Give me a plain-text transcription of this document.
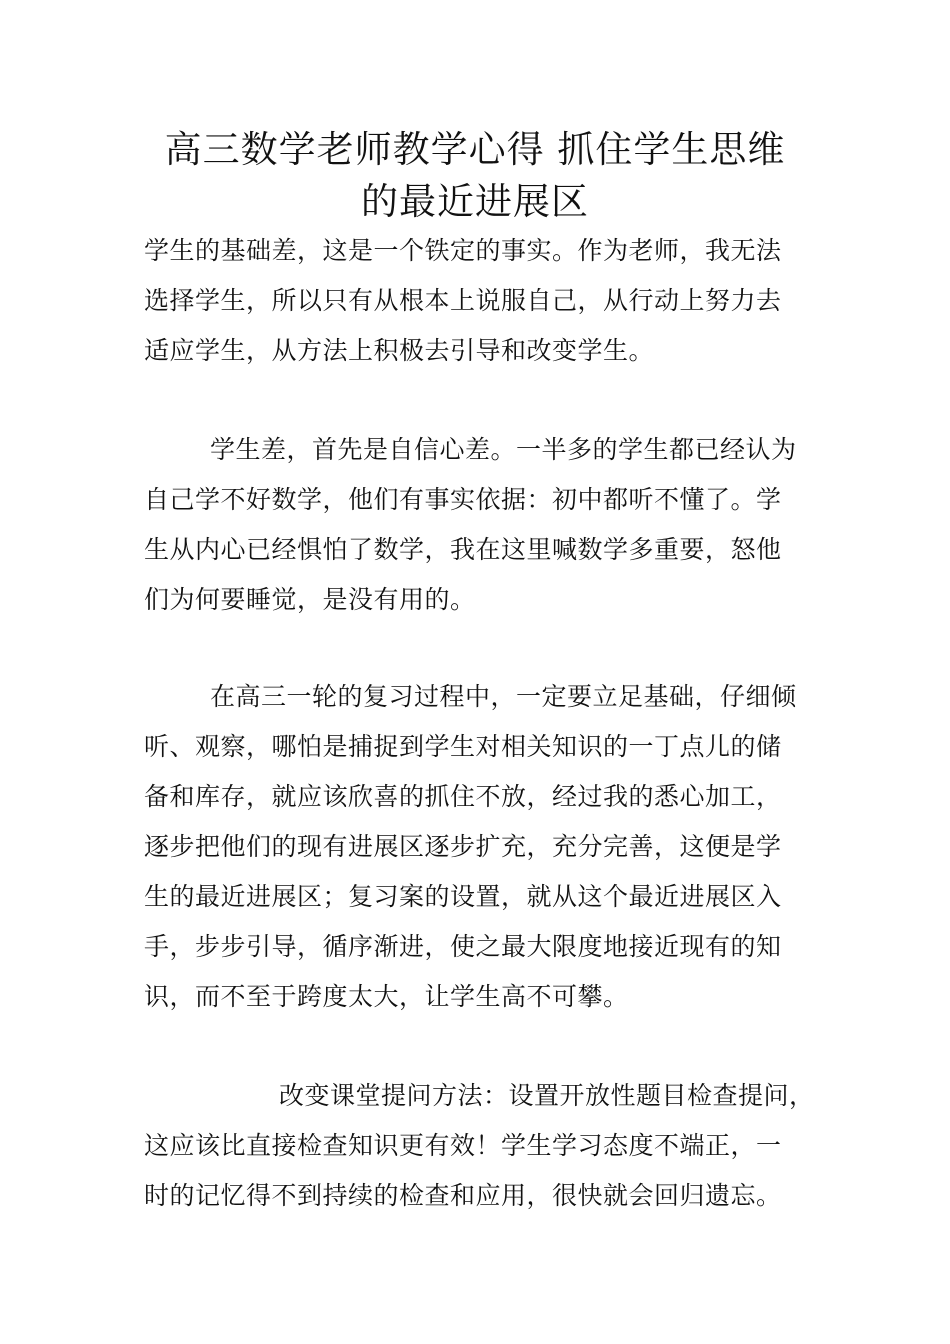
高三数学老师教学心得 抓住学生思维
的最近进展区

学生的基础差，这是一个铁定的事实。作为老师，我无法
选择学生，所以只有从根本上说服自己，从行动上努力去
适应学生，从方法上积极去引导和改变学生。

学生差，首先是自信心差。一半多的学生都已经认为
自己学不好数学，他们有事实依据：初中都听不懂了。学
生从内心已经惧怕了数学，我在这里喊数学多重要，怒他
们为何要睡觉，是没有用的。

在高三一轮的复习过程中，一定要立足基础，仔细倾
听、观察，哪怕是捕捉到学生对相关知识的一丁点儿的储
备和库存，就应该欣喜的抓住不放，经过我的悉心加工，
逐步把他们的现有进展区逐步扩充，充分完善，这便是学
生的最近进展区；复习案的设置，就从这个最近进展区入
手，步步引导，循序渐进，使之最大限度地接近现有的知
识，而不至于跨度太大，让学生高不可攀。

改变课堂提问方法：设置开放性题目检查提问，
这应该比直接检查知识更有效！学生学习态度不端正，一
时的记忆得不到持续的检查和应用，很快就会回归遗忘。
